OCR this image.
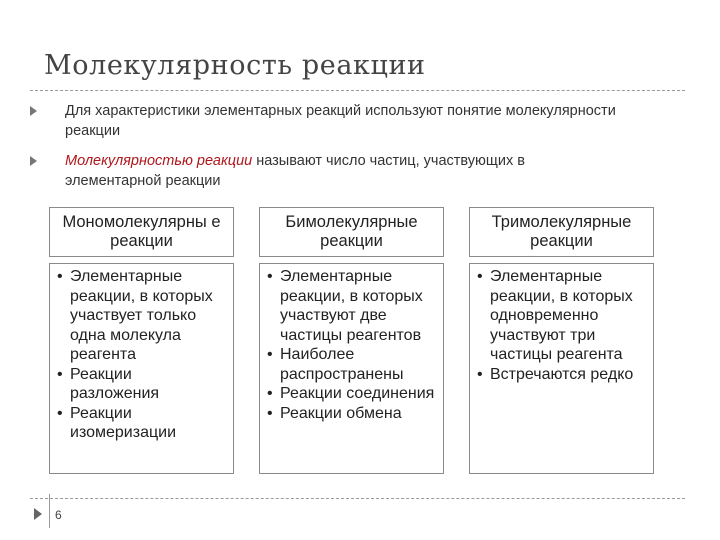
Молекулярность реакции
Для характеристики элементарных реакций используют понятие молекулярности реакции
Молекулярностью реакции называют число частиц, участвующих в элементарной реакции
Мономолекулярны е реакции
• Элементарные реакции, в которых участвует только одна молекула реагента
• Реакции разложения
• Реакции изомеризации
Бимолекулярные реакции
• Элементарные реакции, в которых участвуют две частицы реагентов
• Наиболее распространены
• Реакции соединения
• Реакции обмена
Тримолекулярные реакции
• Элементарные реакции, в которых одновременно участвуют три частицы реагента
• Встречаются редко
6
